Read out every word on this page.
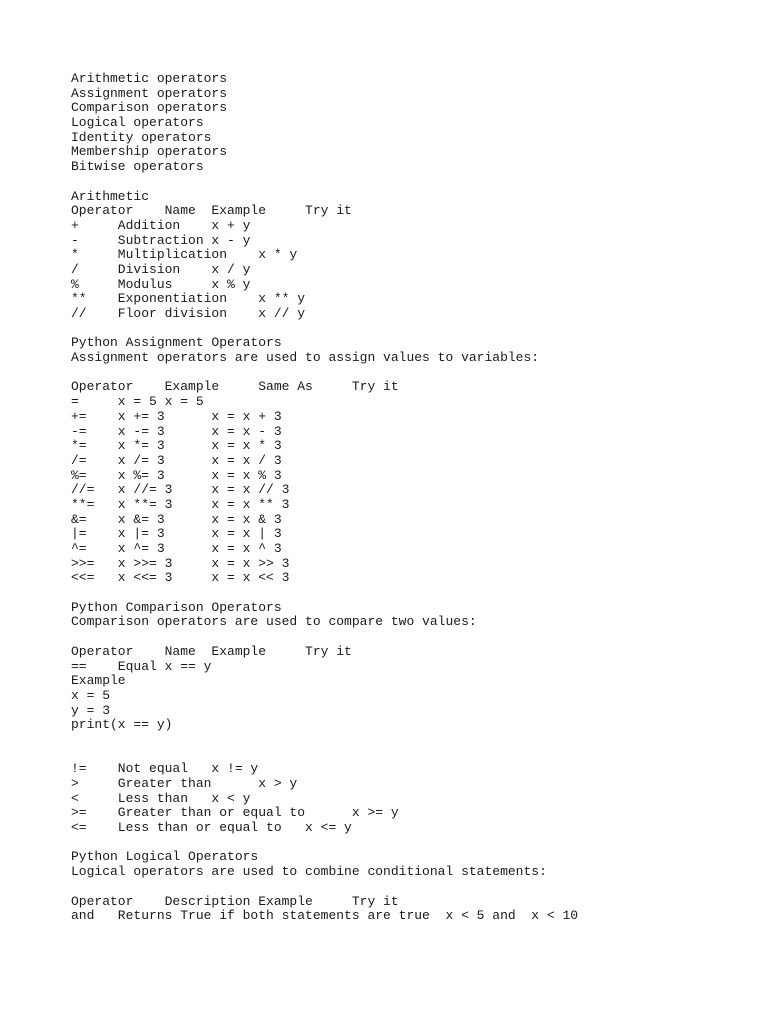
Arithmetic operators
Assignment operators
Comparison operators
Logical operators
Identity operators
Membership operators
Bitwise operators
Arithmetic
Operator    Name  Example     Try it
+     Addition    x + y
-     Subtraction x - y
*     Multiplication    x * y
/     Division    x / y
%     Modulus     x % y
**    Exponentiation    x ** y
//    Floor division    x // y
Python Assignment Operators
Assignment operators are used to assign values to variables:
Operator    Example     Same As     Try it
=     x = 5 x = 5
+=    x += 3      x = x + 3
-=    x -= 3      x = x - 3
*=    x *= 3      x = x * 3
/=    x /= 3      x = x / 3
%=    x %= 3      x = x % 3
//=   x //= 3     x = x // 3
**=   x **= 3     x = x ** 3
&=    x &= 3      x = x & 3
|=    x |= 3      x = x | 3
^=    x ^= 3      x = x ^ 3
>>=   x >>= 3     x = x >> 3
<<=   x <<= 3     x = x << 3
Python Comparison Operators
Comparison operators are used to compare two values:
Operator    Name  Example     Try it
==    Equal x == y
Example
x = 5
y = 3
print(x == y)
!=    Not equal   x != y
>     Greater than      x > y
<     Less than   x < y
>=    Greater than or equal to      x >= y
<=    Less than or equal to   x <= y
Python Logical Operators
Logical operators are used to combine conditional statements:
Operator    Description Example     Try it
and   Returns True if both statements are true  x < 5 and  x < 10
